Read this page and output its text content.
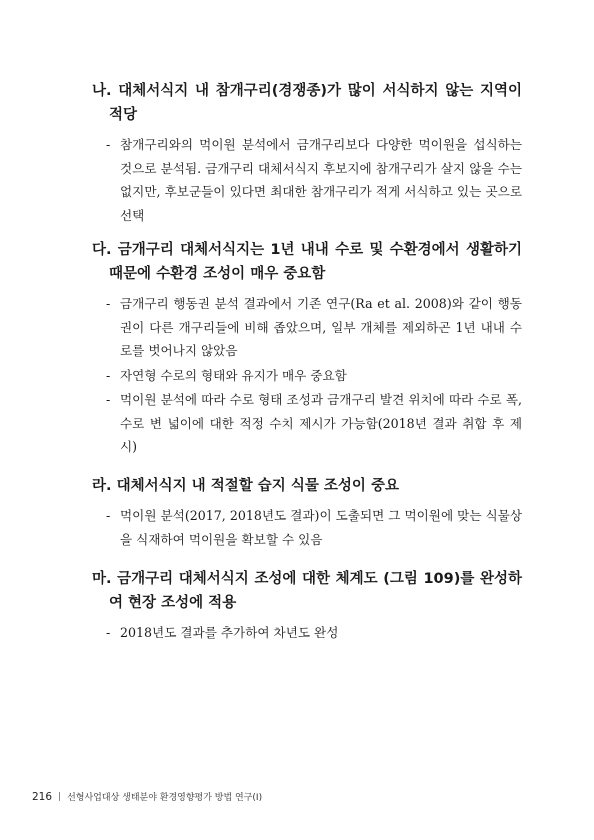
나. 대체서식지 내 참개구리(경쟁종)가 많이 서식하지 않는 지역이 적당

- 참개구리와의 먹이원 분석에서 금개구리보다 다양한 먹이원을 섭식하는 것으로 분석됨. 금개구리 대체서식지 후보지에 참개구리가 살지 않을 수는 없지만, 후보군들이 있다면 최대한 참개구리가 적게 서식하고 있는 곳으로 선택

다. 금개구리 대체서식지는 1년 내내 수로 및 수환경에서 생활하기 때문에 수환경 조성이 매우 중요함

- 금개구리 행동권 분석 결과에서 기존 연구(Ra et al. 2008)와 같이 행동권이 다른 개구리들에 비해 좁았으며, 일부 개체를 제외하곤 1년 내내 수로를 벗어나지 않았음
- 자연형 수로의 형태와 유지가 매우 중요함
- 먹이원 분석에 따라 수로 형태 조성과 금개구리 발견 위치에 따라 수로 폭, 수로 변 넓이에 대한 적정 수치 제시가 가능함(2018년 결과 취합 후 제시)

라. 대체서식지 내 적절할 습지 식물 조성이 중요

- 먹이원 분석(2017, 2018년도 결과)이 도출되면 그 먹이원에 맞는 식물상을 식재하여 먹이원을 확보할 수 있음

마. 금개구리 대체서식지 조성에 대한 체계도 (그림 109)를 완성하여 현장 조성에 적용

- 2018년도 결과를 추가하여 차년도 완성
216 | 선형사업대상 생태분야 환경영향평가 방법 연구(Ⅰ)
